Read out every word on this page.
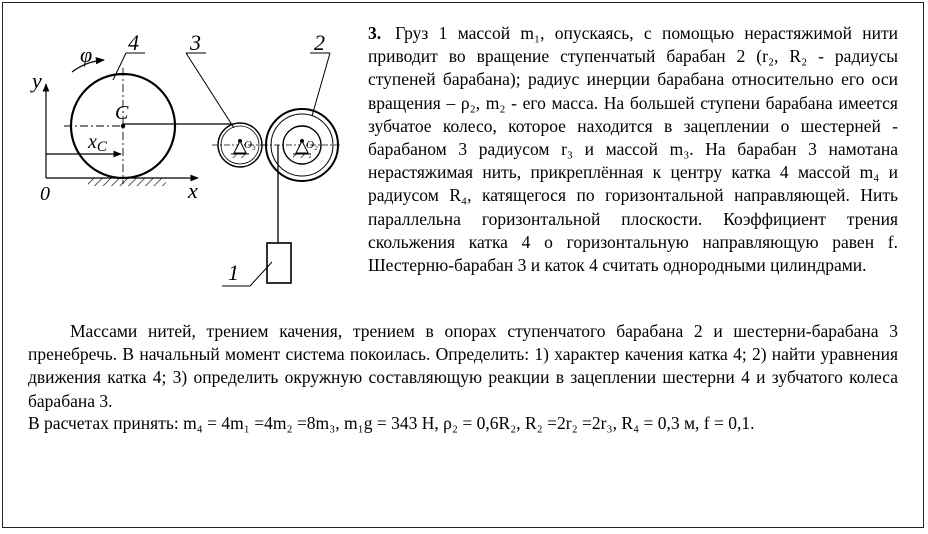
y
x
0
C
xC
φ 4
O₃
3
O₂
2
1
3. Груз 1 массой m₁, опускаясь, с помощью нерастяжимой нити приводит во вращение ступенчатый барабан 2 (r₂, R₂ - радиусы ступеней барабана); радиус инерции барабана относительно его оси вращения – ρ₂, m₂ - его масса. На большей ступени барабана имеется зубчатое колесо, которое находится в зацеплении о шестерней - барабаном 3 радиусом r₃ и массой m₃. На барабан 3 намотана нерастяжимая нить, прикреплённая к центру катка 4 массой m₄ и радиусом R₄, катящегося по горизонтальной направляющей. Нить параллельна горизонтальной плоскости. Коэффициент трения скольжения катка 4 о горизонтальную направляющую равен f. Шестерню-барабан 3 и каток 4 считать однородными цилиндрами.
Массами нитей, трением качения, трением в опорах ступенчатого барабана 2 и шестерни-барабана 3 пренебречь. В начальный момент система покоилась. Определить: 1) характер качения катка 4; 2) найти уравнения движения катка 4; 3) определить окружную составляющую реакции в зацеплении шестерни 4 и зубчатого колеса барабана 3.
В расчетах принять: m₄ = 4m₁ =4m₂ =8m₃, m₁g = 343 Н, ρ₂ = 0,6R₂, R₂ =2r₂ =2r₃, R₄ = 0,3 м, f = 0,1.
